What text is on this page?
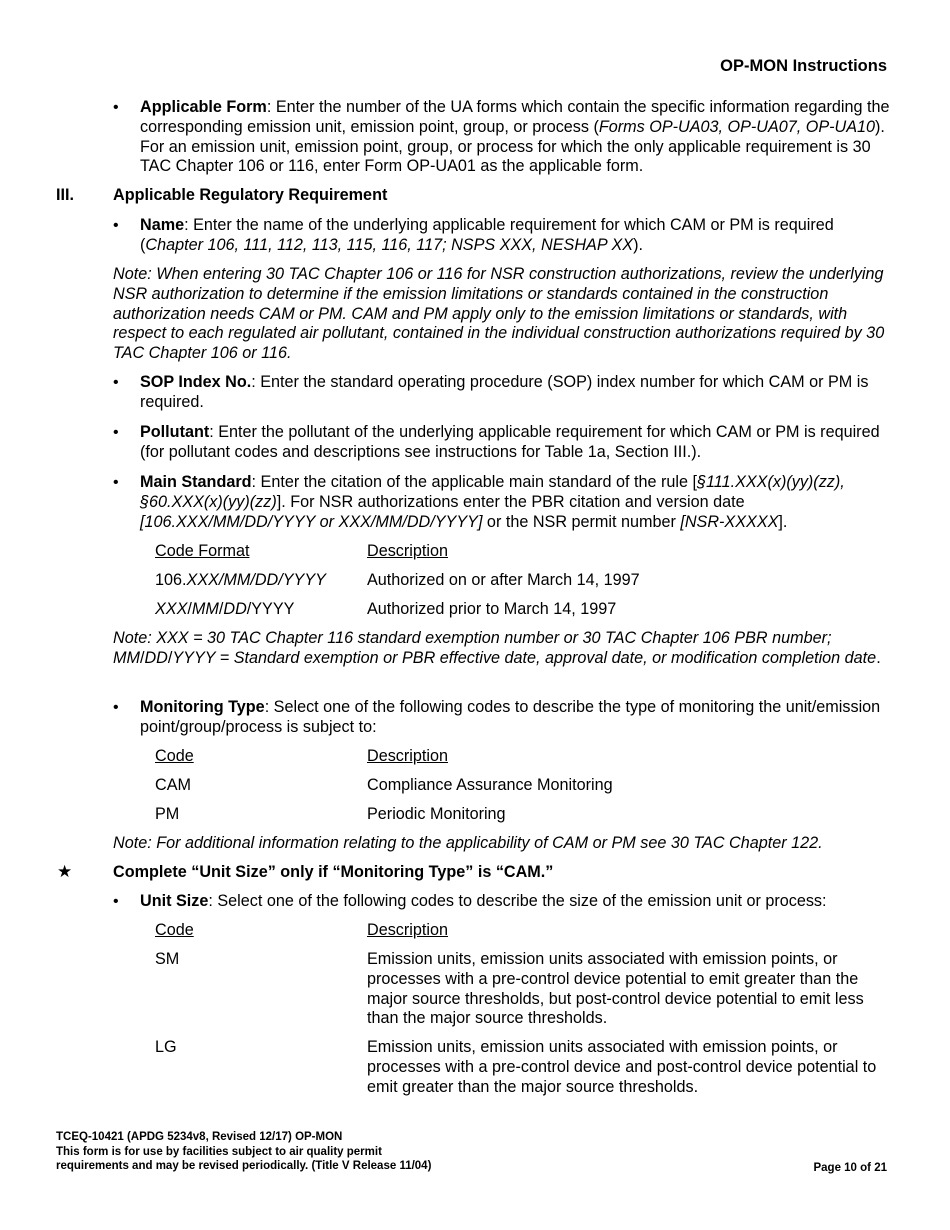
OP-MON Instructions
•	Applicable Form: Enter the number of the UA forms which contain the specific information regarding the corresponding emission unit, emission point, group, or process (Forms OP-UA03, OP-UA07, OP-UA10). For an emission unit, emission point, group, or process for which the only applicable requirement is 30 TAC Chapter 106 or 116, enter Form OP-UA01 as the applicable form.
III. Applicable Regulatory Requirement
•	Name: Enter the name of the underlying applicable requirement for which CAM or PM is required (Chapter 106, 111, 112, 113, 115, 116, 117; NSPS XXX, NESHAP XX).
Note: When entering 30 TAC Chapter 106 or 116 for NSR construction authorizations, review the underlying NSR authorization to determine if the emission limitations or standards contained in the construction authorization needs CAM or PM. CAM and PM apply only to the emission limitations or standards, with respect to each regulated air pollutant, contained in the individual construction authorizations required by 30 TAC Chapter 106 or 116.
•	SOP Index No.: Enter the standard operating procedure (SOP) index number for which CAM or PM is required.
•	Pollutant: Enter the pollutant of the underlying applicable requirement for which CAM or PM is required (for pollutant codes and descriptions see instructions for Table 1a, Section III.).
•	Main Standard: Enter the citation of the applicable main standard of the rule [§111.XXX(x)(yy)(zz), §60.XXX(x)(yy)(zz)]. For NSR authorizations enter the PBR citation and version date [106.XXX/MM/DD/YYYY or XXX/MM/DD/YYYY] or the NSR permit number [NSR-XXXXX].
Code Format	Description
106.XXX/MM/DD/YYYY	Authorized on or after March 14, 1997
XXX/MM/DD/YYYY	Authorized prior to March 14, 1997
Note: XXX = 30 TAC Chapter 116 standard exemption number or 30 TAC Chapter 106 PBR number; MM/DD/YYYY = Standard exemption or PBR effective date, approval date, or modification completion date.
•	Monitoring Type: Select one of the following codes to describe the type of monitoring the unit/emission point/group/process is subject to:
Code	Description
CAM	Compliance Assurance Monitoring
PM	Periodic Monitoring
Note: For additional information relating to the applicability of CAM or PM see 30 TAC Chapter 122.
★	Complete “Unit Size” only if “Monitoring Type” is “CAM.”
•	Unit Size: Select one of the following codes to describe the size of the emission unit or process:
Code	Description
SM	Emission units, emission units associated with emission points, or processes with a pre-control device potential to emit greater than the major source thresholds, but post-control device potential to emit less than the major source thresholds.
LG	Emission units, emission units associated with emission points, or processes with a pre-control device and post-control device potential to emit greater than the major source thresholds.
TCEQ-10421 (APDG 5234v8, Revised 12/17) OP-MON
This form is for use by facilities subject to air quality permit
requirements and may be revised periodically. (Title V Release 11/04)	Page 10 of 21
